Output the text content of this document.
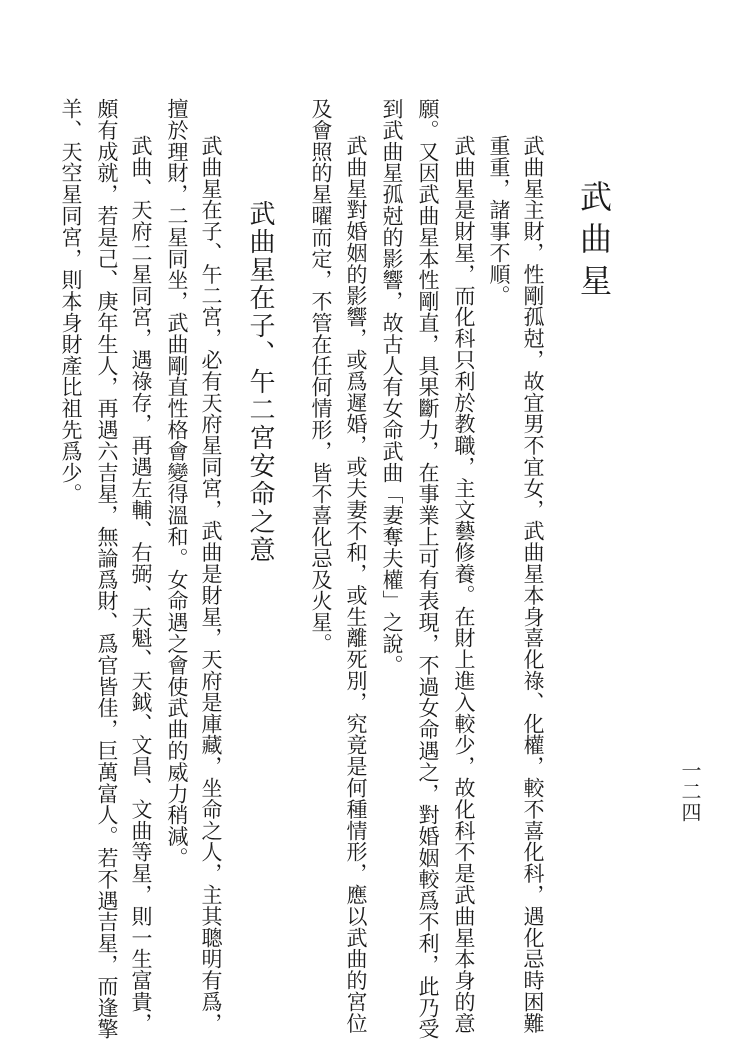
一二四
武曲星
武曲星主財，性剛孤尅，故宜男不宜女，武曲星本身喜化祿、化權，較不喜化科，遇化忌時困難
重重，諸事不順。
武曲星是財星，而化科只利於教職，主文藝修養。在財上進入較少，故化科不是武曲星本身的意
願。又因武曲星本性剛直，具果斷力，在事業上可有表現，不過女命遇之，對婚姻較爲不利，此乃受
到武曲星孤尅的影響，故古人有女命武曲「妻奪夫權」之說。
武曲星對婚姻的影響，或爲遲婚，或夫妻不和，或生離死別，究竟是何種情形，應以武曲的宮位
及會照的星曜而定，不管在任何情形，皆不喜化忌及火星。
武曲星在子、午二宮安命之意
武曲星在子、午二宮，必有天府星同宮，武曲是財星，天府是庫藏，坐命之人，主其聰明有爲，
擅於理財，二星同坐，武曲剛直性格會變得溫和。女命遇之會使武曲的威力稍減。
武曲、天府二星同宮，遇祿存，再遇左輔、右弼、天魁、天鉞、文昌、文曲等星，則一生富貴，
頗有成就，若是己、庚年生人，再遇六吉星，無論爲財、爲官皆佳，巨萬富人。若不遇吉星，而逢擎
羊、天空星同宮，則本身財產比祖先爲少。
